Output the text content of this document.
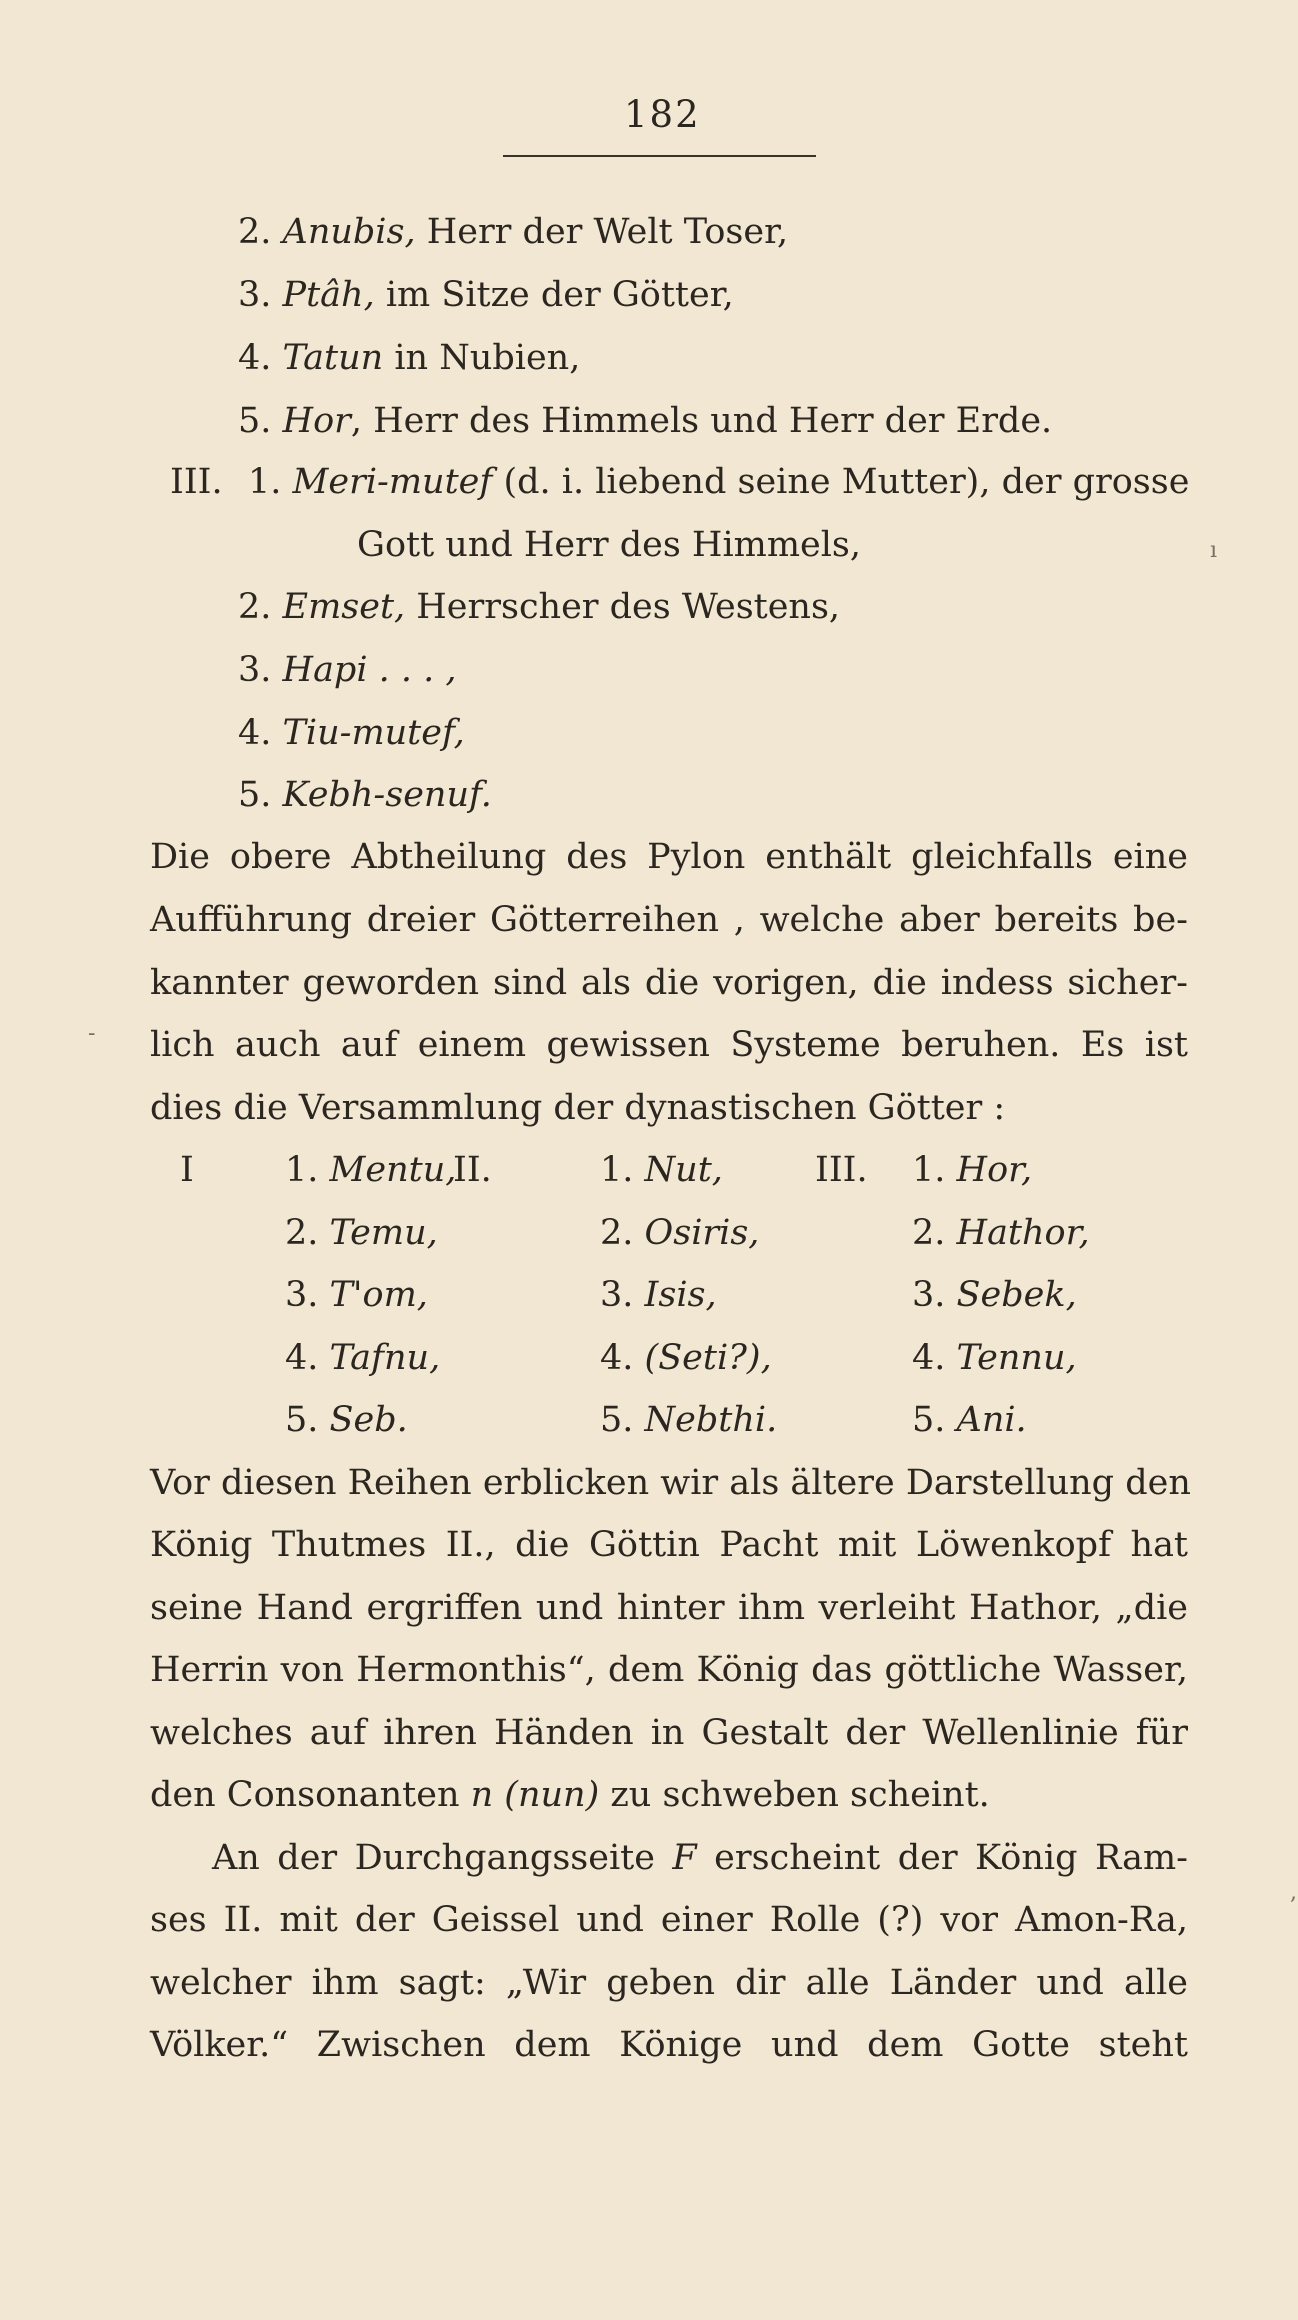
182
2. Anubis, Herr der Welt Toser,
3. Ptâh, im Sitze der Götter,
4. Tatun in Nubien,
5. Hor, Herr des Himmels und Herr der Erde.
III. 1. Meri-mutef (d. i. liebend seine Mutter), der grosse
Gott und Herr des Himmels,
2. Emset, Herrscher des Westens,
3. Hapi . . . ,
4. Tiu-mutef,
5. Kebh-senuf.
Die obere Abtheilung des Pylon enthält gleichfalls eine
Aufführung dreier Götterreihen , welche aber bereits be-
kannter geworden sind als die vorigen, die indess sicher-
lich auch auf einem gewissen Systeme beruhen. Es ist
dies die Versammlung der dynastischen Götter :
I	II.	III.
1. Mentu,
2. Temu,
3. T'om,
4. Tafnu,
5. Seb.
1. Nut,
2. Osiris,
3. Isis,
4. (Seti?),
5. Nebthi.
1. Hor,
2. Hathor,
3. Sebek,
4. Tennu,
5. Ani.
Vor diesen Reihen erblicken wir als ältere Darstellung den
König Thutmes II., die Göttin Pacht mit Löwenkopf hat
seine Hand ergriffen und hinter ihm verleiht Hathor, „die
Herrin von Hermonthis“, dem König das göttliche Wasser,
welches auf ihren Händen in Gestalt der Wellenlinie für
den Consonanten n (nun) zu schweben scheint.
An der Durchgangsseite F erscheint der König Ram-
ses II. mit der Geissel und einer Rolle (?) vor Amon-Ra,
welcher ihm sagt: „Wir geben dir alle Länder und alle
Völker.“ Zwischen dem Könige und dem Gotte steht
ı
-
,
